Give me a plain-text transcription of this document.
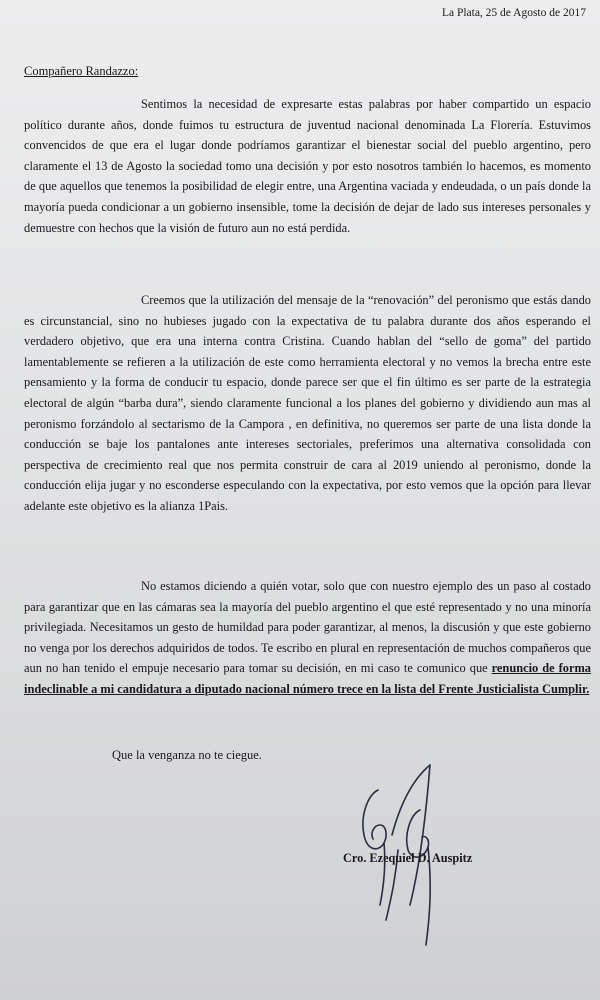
La Plata, 25 de Agosto de 2017
Compañero Randazzo:

Sentimos la necesidad de expresarte estas palabras por haber compartido un espacio político durante años, donde fuimos tu estructura de juventud nacional denominada La Florería. Estuvimos convencidos de que era el lugar donde podríamos garantizar el bienestar social del pueblo argentino, pero claramente el 13 de Agosto la sociedad tomo una decisión y por esto nosotros también lo hacemos, es momento de que aquellos que tenemos la posibilidad de elegir entre, una Argentina vaciada y endeudada, o un país donde la mayoría pueda condicionar a un gobierno insensible, tome la decisión de dejar de lado sus intereses personales y demuestre con hechos que la visión de futuro aun no está perdida.

Creemos que la utilización del mensaje de la “renovación” del peronismo que estás dando es circunstancial, sino no hubieses jugado con la expectativa de tu palabra durante dos años esperando el verdadero objetivo, que era una interna contra Cristina. Cuando hablan del “sello de goma” del partido lamentablemente se refieren a la utilización de este como herramienta electoral y no vemos la brecha entre este pensamiento y la forma de conducir tu espacio, donde parece ser que el fin último es ser parte de la estrategia electoral de algún “barba dura”, siendo claramente funcional a los planes del gobierno y dividiendo aun mas al peronismo forzándolo al sectarismo de la Campora , en definitiva, no queremos ser parte de una lista donde la conducción se baje los pantalones ante intereses sectoriales, preferimos una alternativa consolidada con perspectiva de crecimiento real que nos permita construir de cara al 2019 uniendo al peronismo, donde la conducción elija jugar y no esconderse especulando con la expectativa, por esto vemos que la opción para llevar adelante este objetivo es la alianza 1Pais.

No estamos diciendo a quién votar, solo que con nuestro ejemplo des un paso al costado para garantizar que en las cámaras sea la mayoría del pueblo argentino el que esté representado y no una minoría privilegiada. Necesitamos un gesto de humildad para poder garantizar, al menos, la discusión y que este gobierno no venga por los derechos adquiridos de todos. Te escribo en plural en representación de muchos compañeros que aun no han tenido el empuje necesario para tomar su decisión, en mi caso te comunico que renuncio de forma indeclinable a mi candidatura a diputado nacional número trece en la lista del Frente Justicialista Cumplir.

Que la venganza no te ciegue.
Cro. Ezequiel D. Auspitz
